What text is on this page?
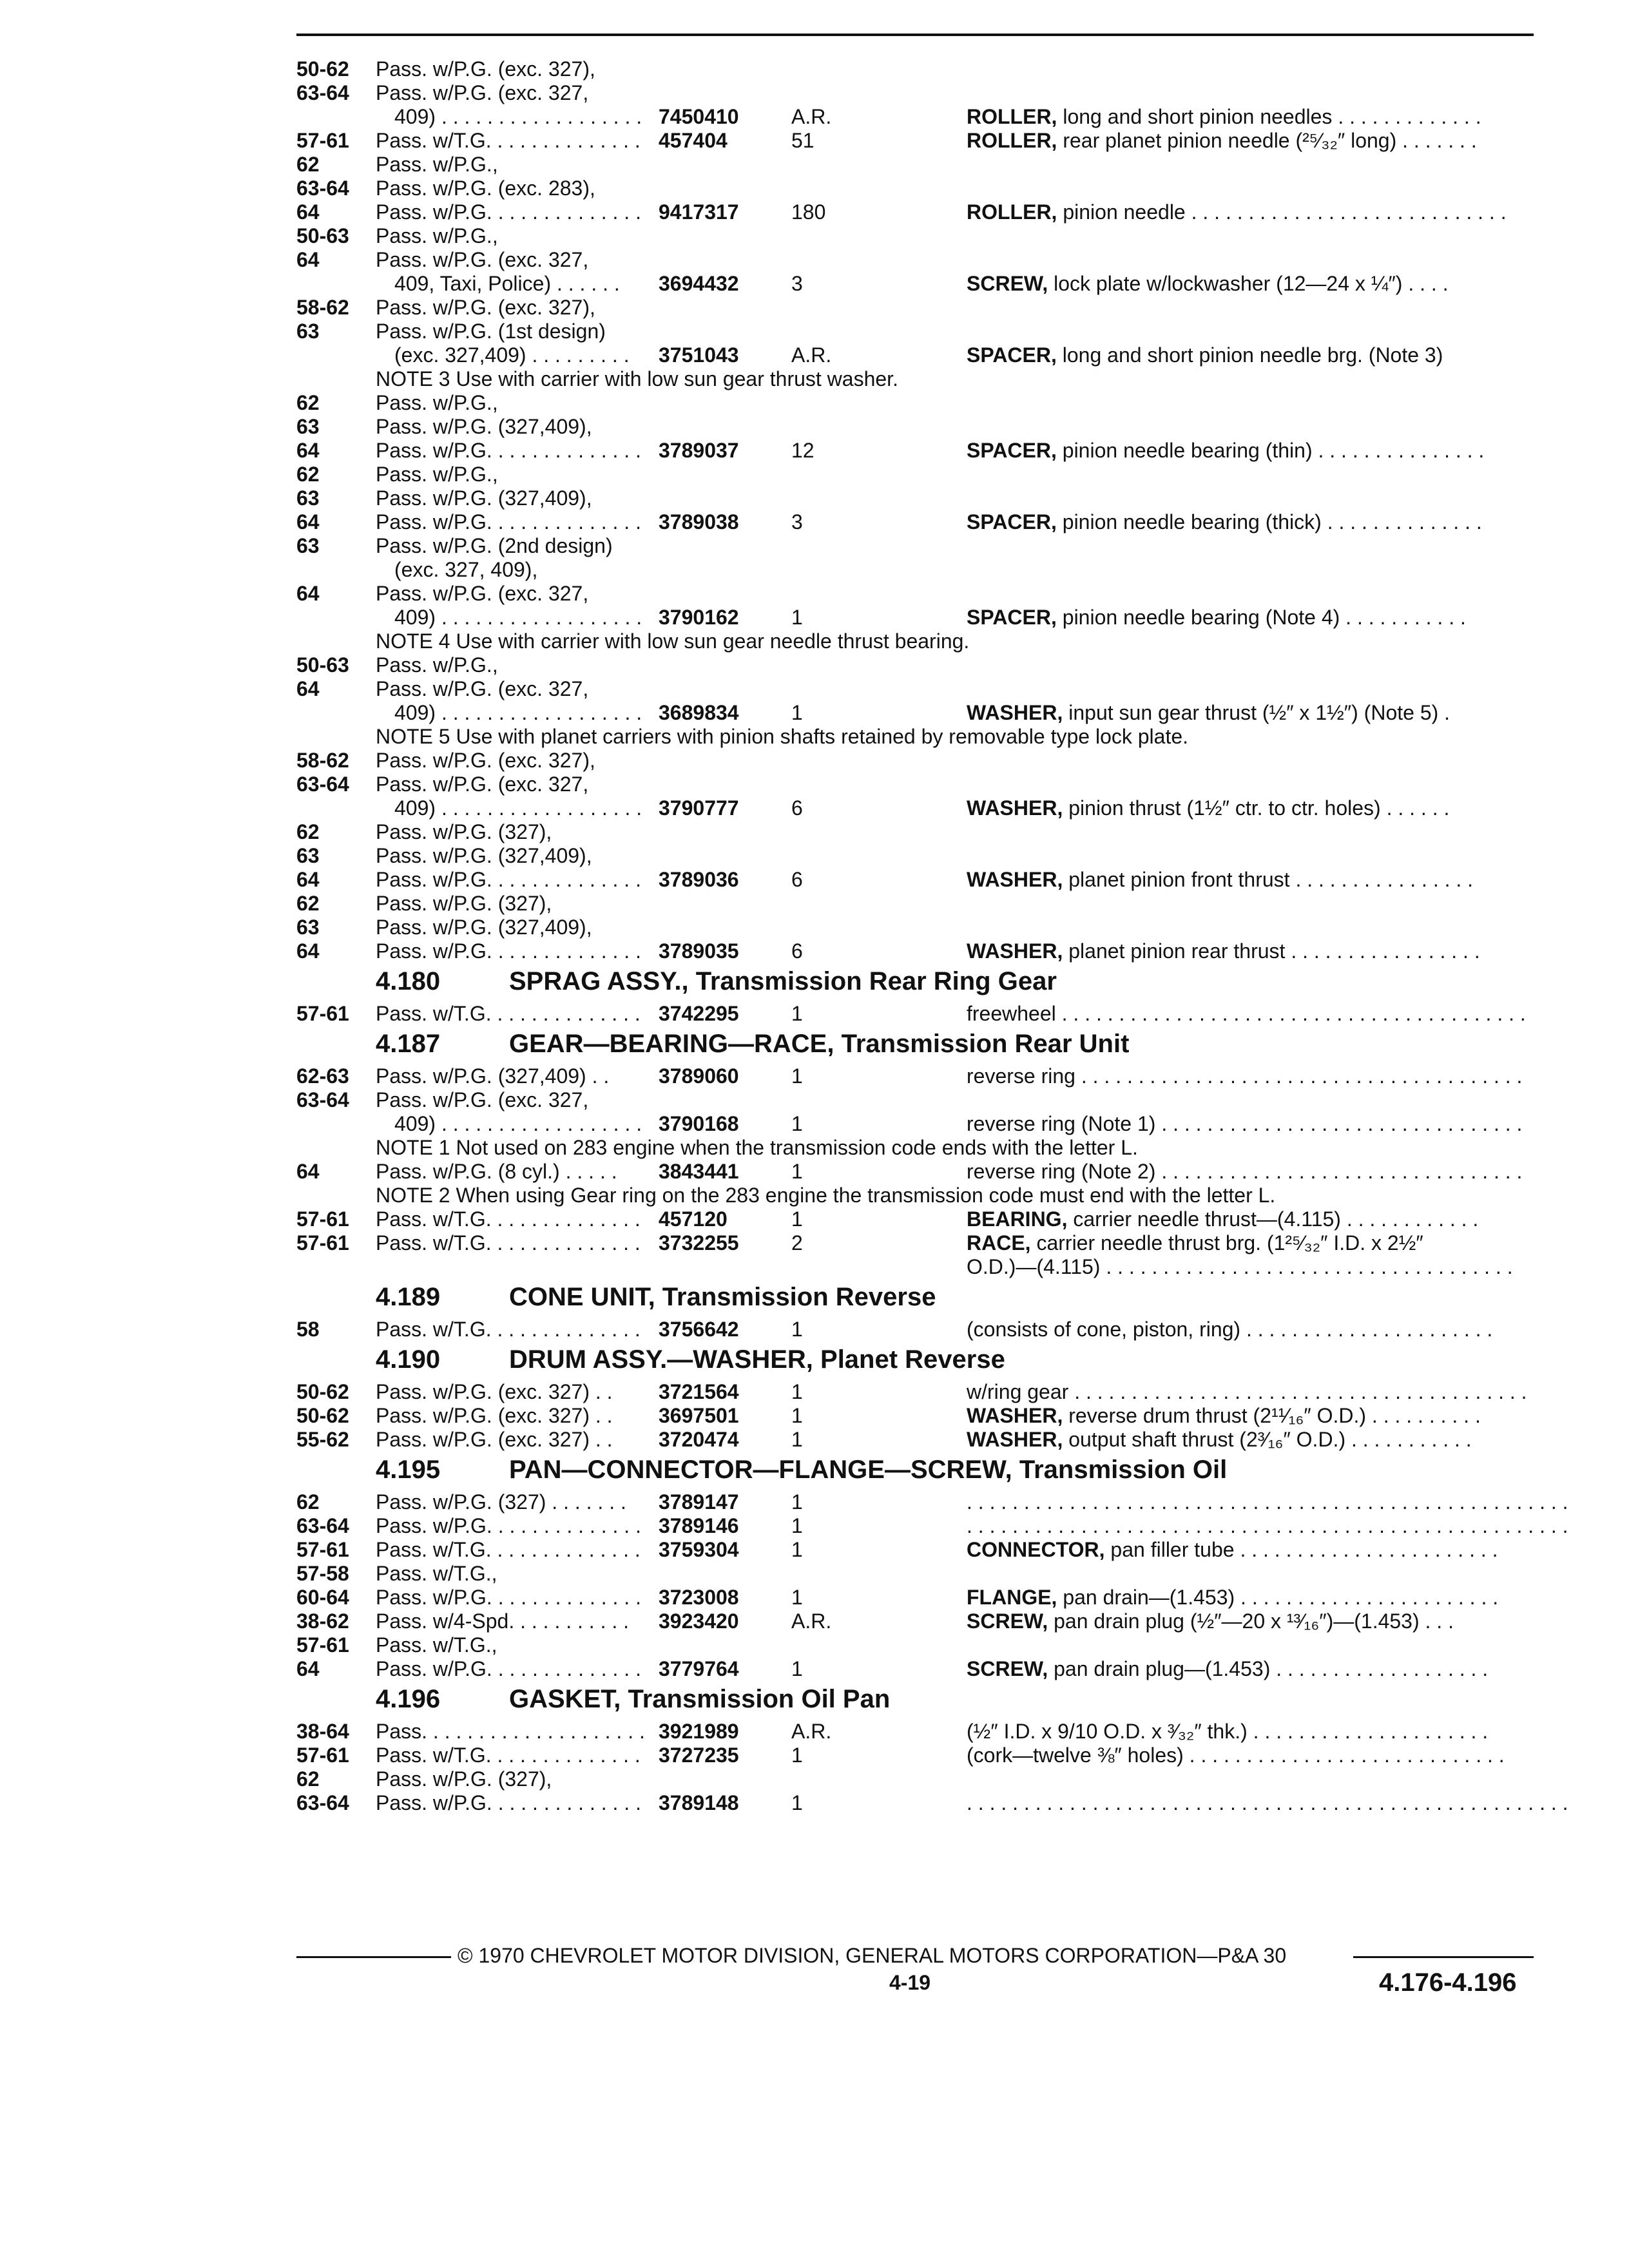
50-62 Pass. w/P.G. (exc. 327),
63-64 Pass. w/P.G. (exc. 327,
409) . . . . . . . . . . . . . . . . . . 7450410	A.R.	ROLLER, long and short pinion needles . . . . . . . . . . . . .
57-61 Pass. w/T.G. . . . . . . . . . . . . . 457404	51	ROLLER, rear planet pinion needle (²⁵⁄₃₂″ long) . . . . . . .
62	Pass. w/P.G.,
63-64 Pass. w/P.G. (exc. 283),
64	Pass. w/P.G. . . . . . . . . . . . . . 9417317	180	ROLLER, pinion needle . . . . . . . . . . . . . . . . . . . . . . . . . . . .
50-63 Pass. w/P.G.,
64	Pass. w/P.G. (exc. 327,
409, Taxi, Police) . . . . . . 3694432	3	SCREW, lock plate w/lockwasher (12—24 x ¼″) . . . .
58-62 Pass. w/P.G. (exc. 327),
63	Pass. w/P.G. (1st design)
(exc. 327,409) . . . . . . . . . 3751043	A.R.	SPACER, long and short pinion needle brg. (Note 3)
NOTE 3 Use with carrier with low sun gear thrust washer.
62	Pass. w/P.G.,
63	Pass. w/P.G. (327,409),
64	Pass. w/P.G. . . . . . . . . . . . . . 3789037	12	SPACER, pinion needle bearing (thin) . . . . . . . . . . . . . . .
62	Pass. w/P.G.,
63	Pass. w/P.G. (327,409),
64	Pass. w/P.G. . . . . . . . . . . . . . 3789038	3	SPACER, pinion needle bearing (thick) . . . . . . . . . . . . . .
63	Pass. w/P.G. (2nd design)
(exc. 327, 409),
64	Pass. w/P.G. (exc. 327,
409) . . . . . . . . . . . . . . . . . . 3790162	1	SPACER, pinion needle bearing (Note 4) . . . . . . . . . . .
NOTE 4 Use with carrier with low sun gear needle thrust bearing.
50-63 Pass. w/P.G.,
64	Pass. w/P.G. (exc. 327,
409) . . . . . . . . . . . . . . . . . . 3689834	1	WASHER, input sun gear thrust (½″ x 1½″) (Note 5) .
NOTE 5 Use with planet carriers with pinion shafts retained by removable type lock plate.
58-62 Pass. w/P.G. (exc. 327),
63-64 Pass. w/P.G. (exc. 327,
409) . . . . . . . . . . . . . . . . . . 3790777	6	WASHER, pinion thrust (1½″ ctr. to ctr. holes) . . . . . .
62	Pass. w/P.G. (327),
63	Pass. w/P.G. (327,409),
64	Pass. w/P.G. . . . . . . . . . . . . . 3789036	6	WASHER, planet pinion front thrust . . . . . . . . . . . . . . . .
62	Pass. w/P.G. (327),
63	Pass. w/P.G. (327,409),
64	Pass. w/P.G. . . . . . . . . . . . . . 3789035	6	WASHER, planet pinion rear thrust . . . . . . . . . . . . . . . . .
4.180	SPRAG ASSY., Transmission Rear Ring Gear
57-61 Pass. w/T.G. . . . . . . . . . . . . . 3742295	1	freewheel . . . . . . . . . . . . . . . . . . . . . . . . . . . . . . . . . . . . . . . . .
4.187	GEAR—BEARING—RACE, Transmission Rear Unit
62-63 Pass. w/P.G. (327,409) . . 3789060	1	reverse ring . . . . . . . . . . . . . . . . . . . . . . . . . . . . . . . . . . . . . . .
63-64 Pass. w/P.G. (exc. 327,
409) . . . . . . . . . . . . . . . . . . 3790168	1	reverse ring (Note 1) . . . . . . . . . . . . . . . . . . . . . . . . . . . . . . . .
NOTE 1 Not used on 283 engine when the transmission code ends with the letter L.
64	Pass. w/P.G. (8 cyl.) . . . . . 3843441	1	reverse ring (Note 2) . . . . . . . . . . . . . . . . . . . . . . . . . . . . . . . .
NOTE 2 When using Gear ring on the 283 engine the transmission code must end with the letter L.
57-61 Pass. w/T.G. . . . . . . . . . . . . . 457120	1	BEARING, carrier needle thrust—(4.115) . . . . . . . . . . . .
57-61 Pass. w/T.G. . . . . . . . . . . . . . 3732255	2	RACE, carrier needle thrust brg. (1²⁵⁄₃₂″ I.D. x 2½″
O.D.)—(4.115) . . . . . . . . . . . . . . . . . . . . . . . . . . . . . . . . . . . .
4.189	CONE UNIT, Transmission Reverse
58	Pass. w/T.G. . . . . . . . . . . . . . 3756642	1	(consists of cone, piston, ring) . . . . . . . . . . . . . . . . . . . . . .
4.190	DRUM ASSY.—WASHER, Planet Reverse
50-62 Pass. w/P.G. (exc. 327) . . 3721564	1	w/ring gear . . . . . . . . . . . . . . . . . . . . . . . . . . . . . . . . . . . . . . . .
50-62 Pass. w/P.G. (exc. 327) . . 3697501	1	WASHER, reverse drum thrust (2¹¹⁄₁₆″ O.D.) . . . . . . . . . .
55-62 Pass. w/P.G. (exc. 327) . . 3720474	1	WASHER, output shaft thrust (2³⁄₁₆″ O.D.) . . . . . . . . . . .
4.195	PAN—CONNECTOR—FLANGE—SCREW, Transmission Oil
62	Pass. w/P.G. (327) . . . . . . . 3789147	1	. . . . . . . . . . . . . . . . . . . . . . . . . . . . . . . . . . . . . . . . . . . . . . . . . . . . .
63-64 Pass. w/P.G. . . . . . . . . . . . . . 3789146	1	. . . . . . . . . . . . . . . . . . . . . . . . . . . . . . . . . . . . . . . . . . . . . . . . . . . . .
57-61 Pass. w/T.G. . . . . . . . . . . . . . 3759304	1	CONNECTOR, pan filler tube . . . . . . . . . . . . . . . . . . . . . . .
57-58 Pass. w/T.G.,
60-64 Pass. w/P.G. . . . . . . . . . . . . . 3723008	1	FLANGE, pan drain—(1.453) . . . . . . . . . . . . . . . . . . . . . . .
38-62 Pass. w/4-Spd. . . . . . . . . . . 3923420	A.R.	SCREW, pan drain plug (½″—20 x ¹³⁄₁₆″)—(1.453) . . .
57-61 Pass. w/T.G.,
64	Pass. w/P.G. . . . . . . . . . . . . . 3779764	1	SCREW, pan drain plug—(1.453) . . . . . . . . . . . . . . . . . . .
4.196	GASKET, Transmission Oil Pan
38-64 Pass. . . . . . . . . . . . . . . . . . . . 3921989	A.R.	(½″ I.D. x 9/10 O.D. x ³⁄₃₂″ thk.) . . . . . . . . . . . . . . . . . . . . .
57-61 Pass. w/T.G. . . . . . . . . . . . . . 3727235	1	(cork—twelve ⅜″ holes) . . . . . . . . . . . . . . . . . . . . . . . . . . . .
62	Pass. w/P.G. (327),
63-64 Pass. w/P.G. . . . . . . . . . . . . . 3789148	1	. . . . . . . . . . . . . . . . . . . . . . . . . . . . . . . . . . . . . . . . . . . . . . . . . . . . .
© 1970 CHEVROLET MOTOR DIVISION, GENERAL MOTORS CORPORATION—P&A 30
4-19	4.176-4.196
